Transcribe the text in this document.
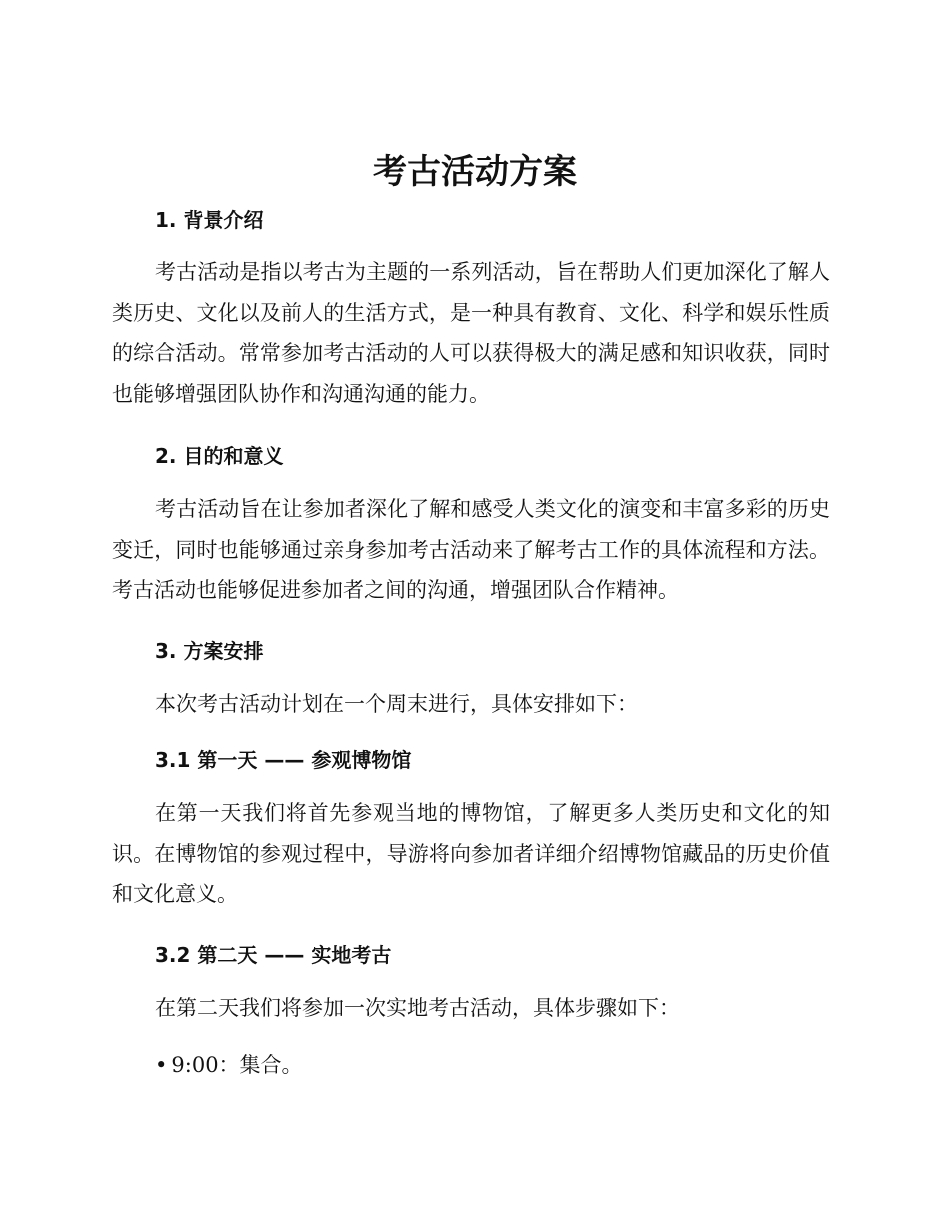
考古活动方案
1. 背景介绍

考古活动是指以考古为主题的一系列活动，旨在帮助人们更加深化了解人类历史、文化以及前人的生活方式，是一种具有教育、文化、科学和娱乐性质的综合活动。常常参加考古活动的人可以获得极大的满足感和知识收获，同时也能够增强团队协作和沟通沟通的能力。

2. 目的和意义

考古活动旨在让参加者深化了解和感受人类文化的演变和丰富多彩的历史变迁，同时也能够通过亲身参加考古活动来了解考古工作的具体流程和方法。考古活动也能够促进参加者之间的沟通，增强团队合作精神。

3. 方案安排

本次考古活动计划在一个周末进行，具体安排如下：

3.1 第一天 —— 参观博物馆

在第一天我们将首先参观当地的博物馆，了解更多人类历史和文化的知识。在博物馆的参观过程中，导游将向参加者详细介绍博物馆藏品的历史价值和文化意义。

3.2 第二天 —— 实地考古

在第二天我们将参加一次实地考古活动，具体步骤如下：

• 9:00：集合。
